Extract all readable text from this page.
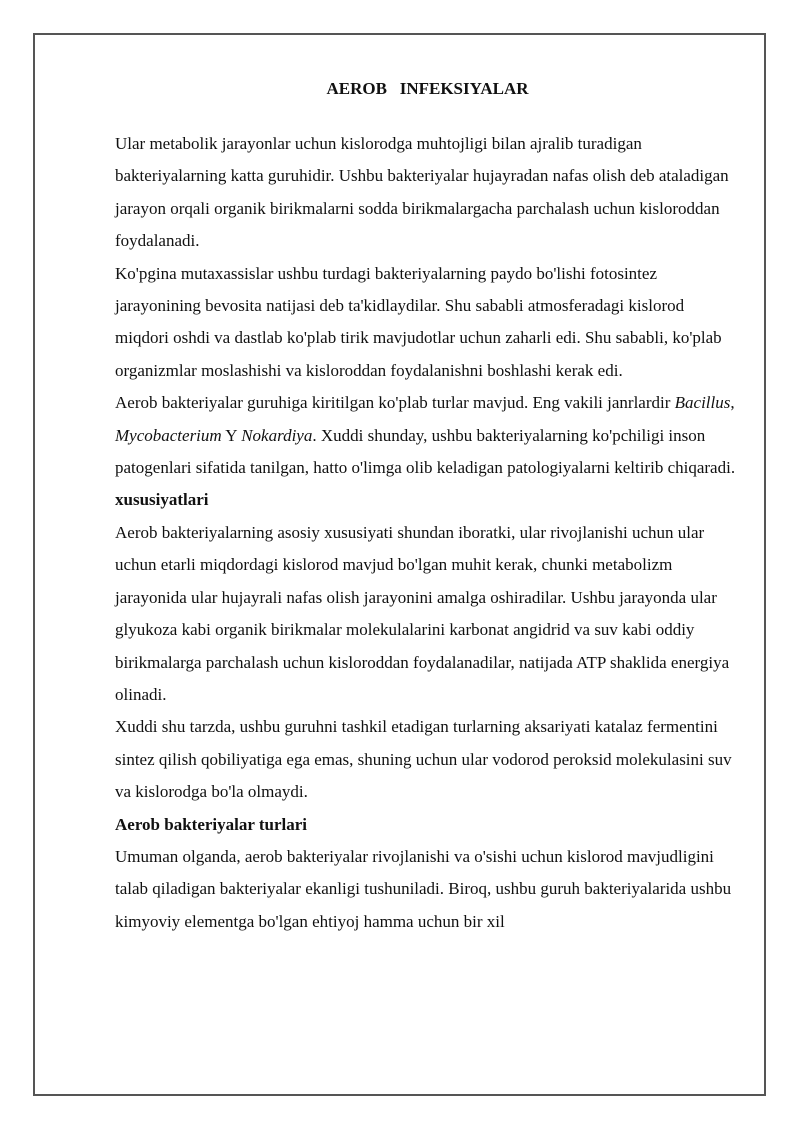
AEROB   INFEKSIYALAR

Ular metabolik jarayonlar uchun kislorodga muhtojligi bilan ajralib turadigan bakteriyalarning katta guruhidir. Ushbu bakteriyalar hujayradan nafas olish deb ataladigan jarayon orqali organik birikmalarni sodda birikmalargacha parchalash uchun kisloroddan foydalanadi.

Ko'pgina mutaxassislar ushbu turdagi bakteriyalarning paydo bo'lishi fotosintez jarayonining bevosita natijasi deb ta'kidlaydilar. Shu sababli atmosferadagi kislorod miqdori oshdi va dastlab ko'plab tirik mavjudotlar uchun zaharli edi. Shu sababli, ko'plab organizmlar moslashishi va kisloroddan foydalanishni boshlashi kerak edi.

Aerob bakteriyalar guruhiga kiritilgan ko'plab turlar mavjud. Eng vakili janrlardir Bacillus, Mycobacterium Y Nokardiya. Xuddi shunday, ushbu bakteriyalarning ko'pchiligi inson patogenlari sifatida tanilgan, hatto o'limga olib keladigan patologiyalarni keltirib chiqaradi.

xususiyatlari

Aerob bakteriyalarning asosiy xususiyati shundan iboratki, ular rivojlanishi uchun ular uchun etarli miqdordagi kislorod mavjud bo'lgan muhit kerak, chunki metabolizm jarayonida ular hujayrali nafas olish jarayonini amalga oshiradilar. Ushbu jarayonda ular glyukoza kabi organik birikmalar molekulalarini karbonat angidrid va suv kabi oddiy birikmalarga parchalash uchun kisloroddan foydalanadilar, natijada ATP shaklida energiya olinadi.

Xuddi shu tarzda, ushbu guruhni tashkil etadigan turlarning aksariyati katalaz fermentini sintez qilish qobiliyatiga ega emas, shuning uchun ular vodorod peroksid molekulasini suv va kislorodga bo'la olmaydi.

Aerob bakteriyalar turlari

Umuman olganda, aerob bakteriyalar rivojlanishi va o'sishi uchun kislorod mavjudligini talab qiladigan bakteriyalar ekanligi tushuniladi. Biroq, ushbu guruh bakteriyalarida ushbu kimyoviy elementga bo'lgan ehtiyoj hamma uchun bir xil
